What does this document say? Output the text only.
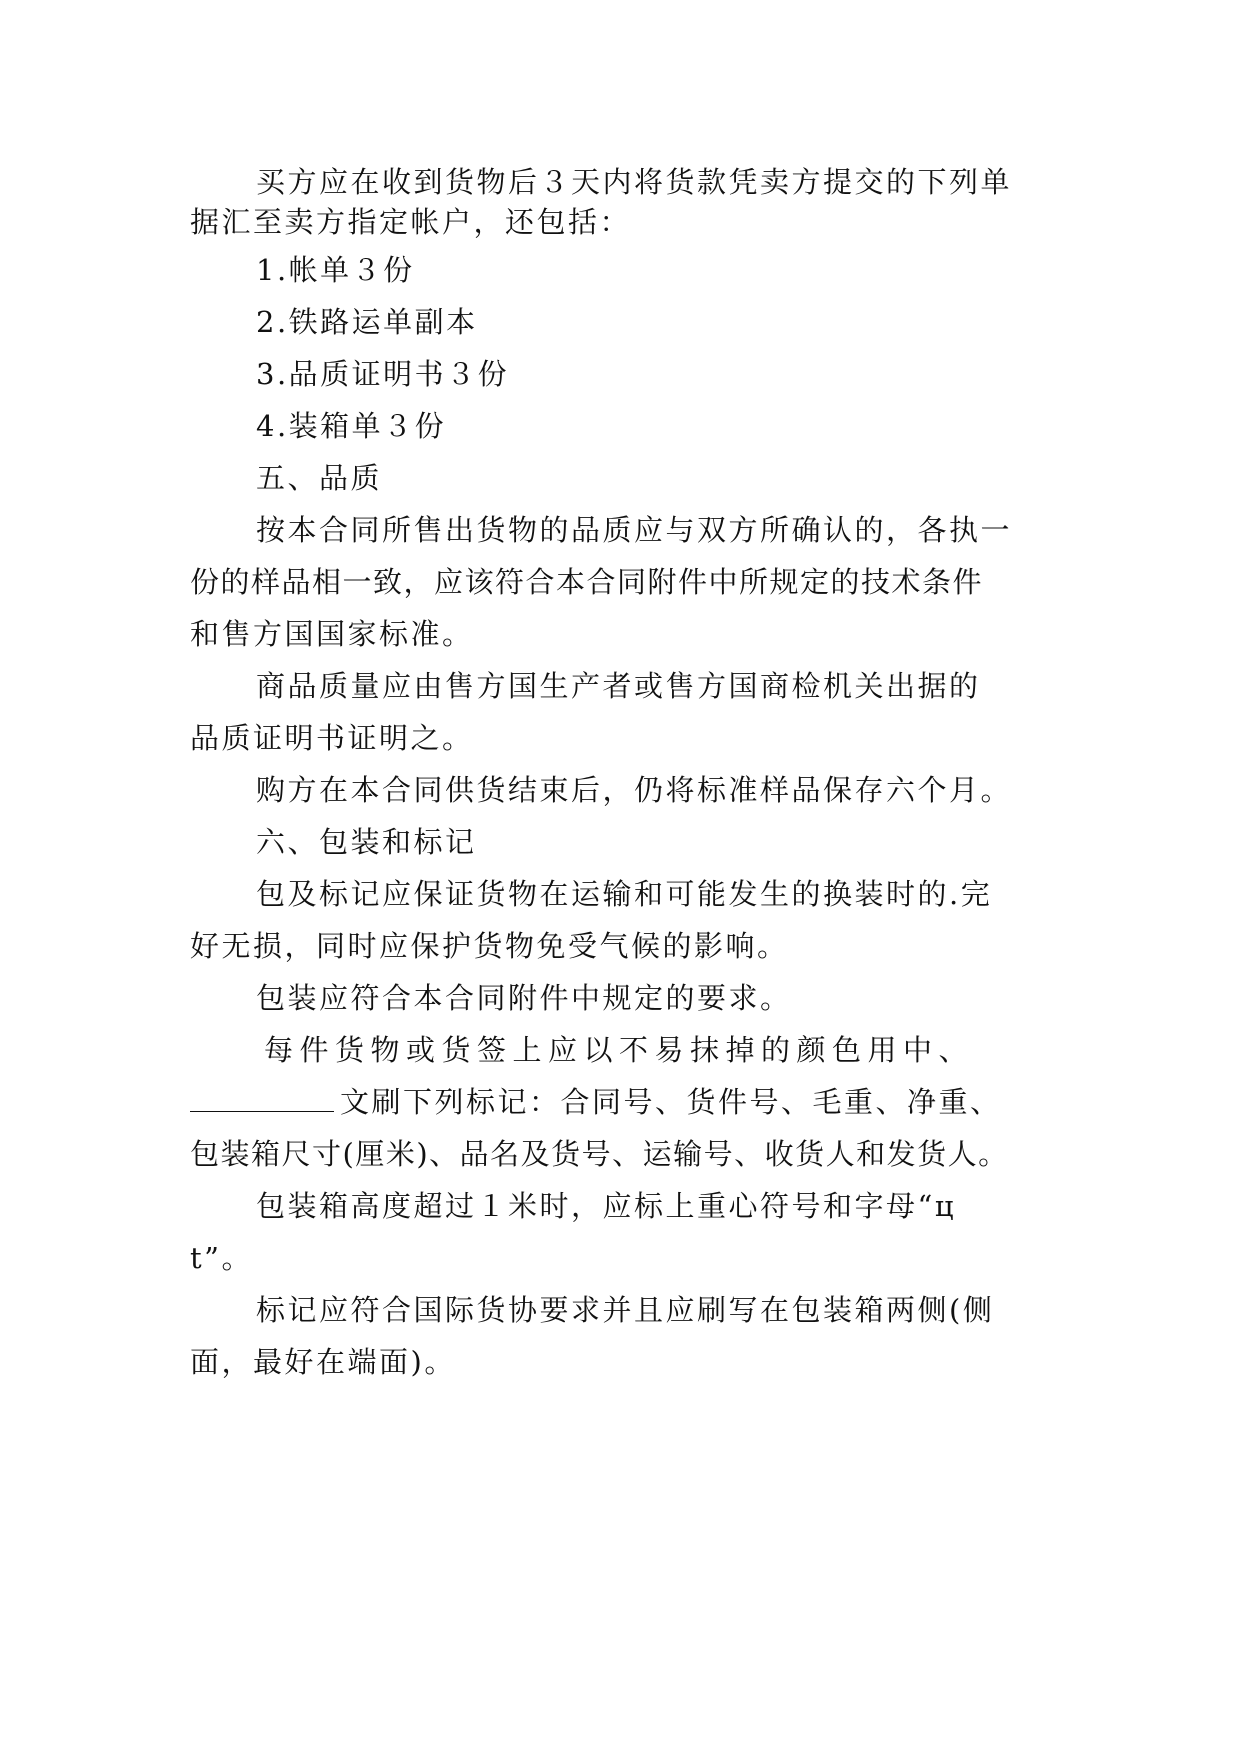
买方应在收到货物后３天内将货款凭卖方提交的下列单
据汇至卖方指定帐户，还包括：
1.帐单３份
2.铁路运单副本
3.品质证明书３份
4.装箱单３份
五、品质
按本合同所售出货物的品质应与双方所确认的，各执一
份的样品相一致，应该符合本合同附件中所规定的技术条件
和售方国国家标准。
商品质量应由售方国生产者或售方国商检机关出据的
品质证明书证明之。
购方在本合同供货结束后，仍将标准样品保存六个月。
六、包装和标记
包及标记应保证货物在运输和可能发生的换装时的.完
好无损，同时应保护货物免受气候的影响。
包装应符合本合同附件中规定的要求。
每件货物或货签上应以不易抹掉的颜色用中、
文刷下列标记：合同号、货件号、毛重、净重、
包装箱尺寸(厘米)、品名及货号、运输号、收货人和发货人。
包装箱高度超过１米时，应标上重心符号和字母“ц
t”。
标记应符合国际货协要求并且应刷写在包装箱两侧(侧
面，最好在端面)。
